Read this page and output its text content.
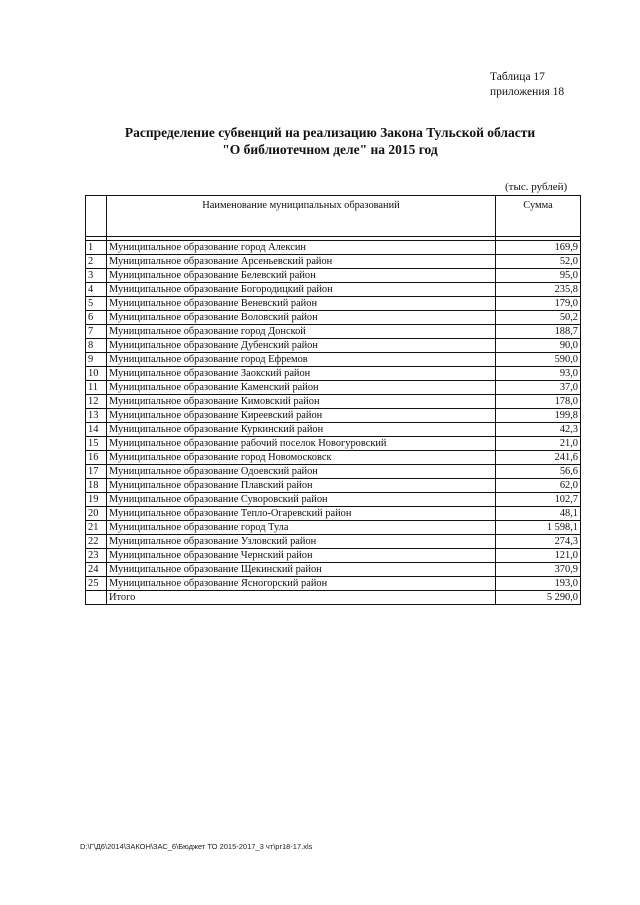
Таблица 17
приложения 18
Распределение субвенций на реализацию Закона Тульской области
"О библиотечном деле" на 2015 год
(тыс. рублей)
	Наименование муниципальных образований	Сумма

1	Муниципальное образование город Алексин	169,9
2	Муниципальное образование Арсеньевский район	52,0
3	Муниципальное образование Белевский район	95,0
4	Муниципальное образование Богородицкий район	235,8
5	Муниципальное образование Веневский район	179,0
6	Муниципальное образование Воловский район	50,2
7	Муниципальное образование город Донской	188,7
8	Муниципальное образование Дубенский район	90,0
9	Муниципальное образование город Ефремов	590,0
10	Муниципальное образование Заокский район	93,0
11	Муниципальное образование Каменский район	37,0
12	Муниципальное образование Кимовский район	178,0
13	Муниципальное образование Киреевский район	199,8
14	Муниципальное образование Куркинский район	42,3
15	Муниципальное образование рабочий поселок Новогуровский	21,0
16	Муниципальное образование город Новомосковск	241,6
17	Муниципальное образование Одоевский район	56,6
18	Муниципальное образование Плавский район	62,0
19	Муниципальное образование Суворовский район	102,7
20	Муниципальное образование Тепло-Огаревский район	48,1
21	Муниципальное образование город Тула	1 598,1
22	Муниципальное образование Узловский район	274,3
23	Муниципальное образование Чернский район	121,0
24	Муниципальное образование Щекинский район	370,9
25	Муниципальное образование Ясногорский район	193,0
	Итого	5 290,0
D:\Г\Д6\2014\ЗАКОН\ЗАС_6\Бюджет ТО 2015-2017_3 чт\pr18-17.xls
